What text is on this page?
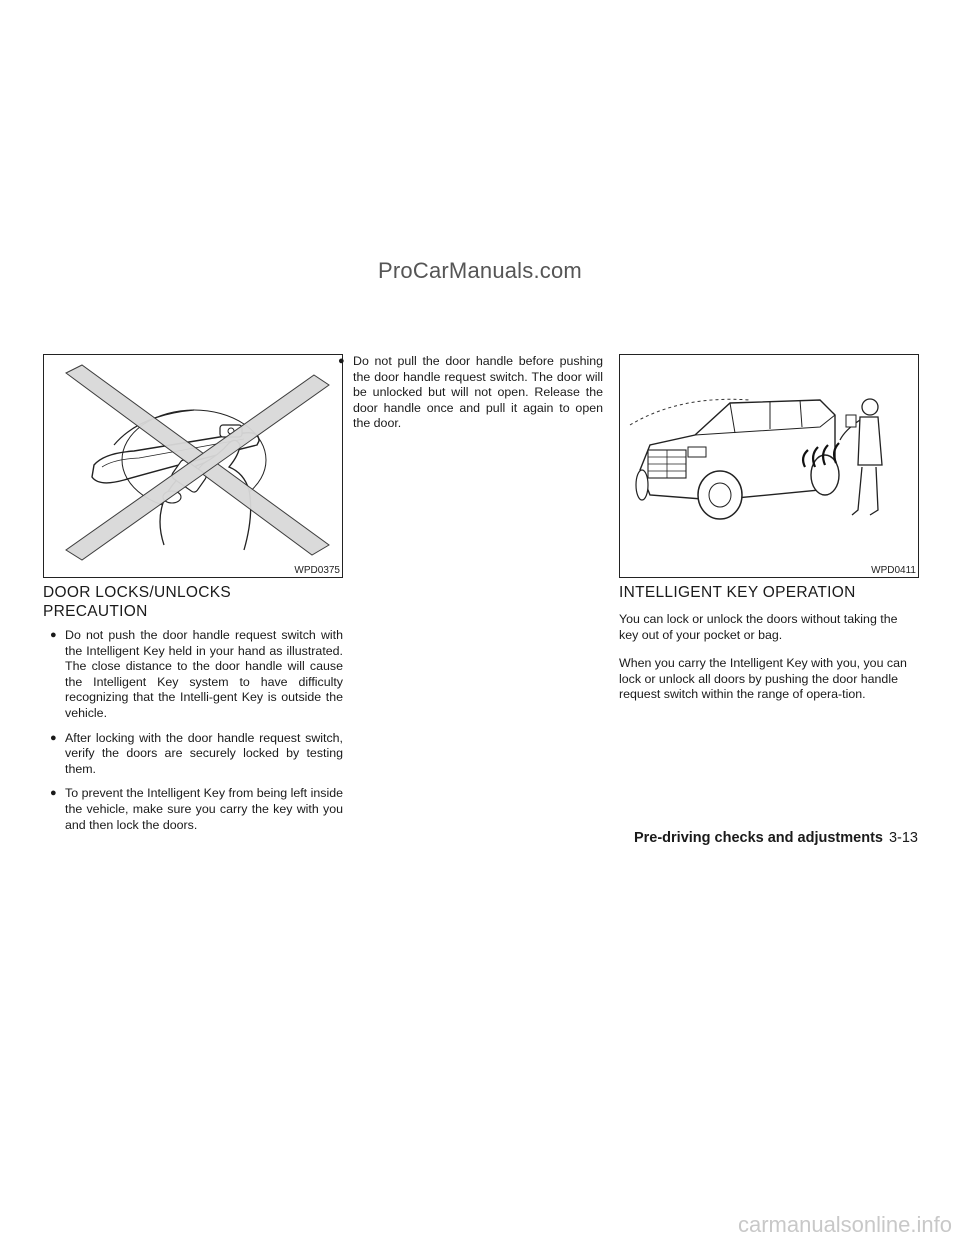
ProCarManuals.com
WPD0375
DOOR LOCKS/UNLOCKS
PRECAUTION
● Do not push the door handle request switch with the Intelligent Key held in your hand as illustrated. The close distance to the door handle will cause the Intelligent Key system to have difficulty recognizing that the Intelli-gent Key is outside the vehicle.
● After locking with the door handle request switch, verify the doors are securely locked by testing them.
● To prevent the Intelligent Key from being left inside the vehicle, make sure you carry the key with you and then lock the doors.
● Do not pull the door handle before pushing the door handle request switch. The door will be unlocked but will not open. Release the door handle once and pull it again to open the door.
WPD0411
INTELLIGENT KEY OPERATION

You can lock or unlock the doors without taking the key out of your pocket or bag.

When you carry the Intelligent Key with you, you can lock or unlock all doors by pushing the door handle request switch within the range of opera-tion.

Pre-driving checks and adjustments 3-13
carmanualsonline.info
